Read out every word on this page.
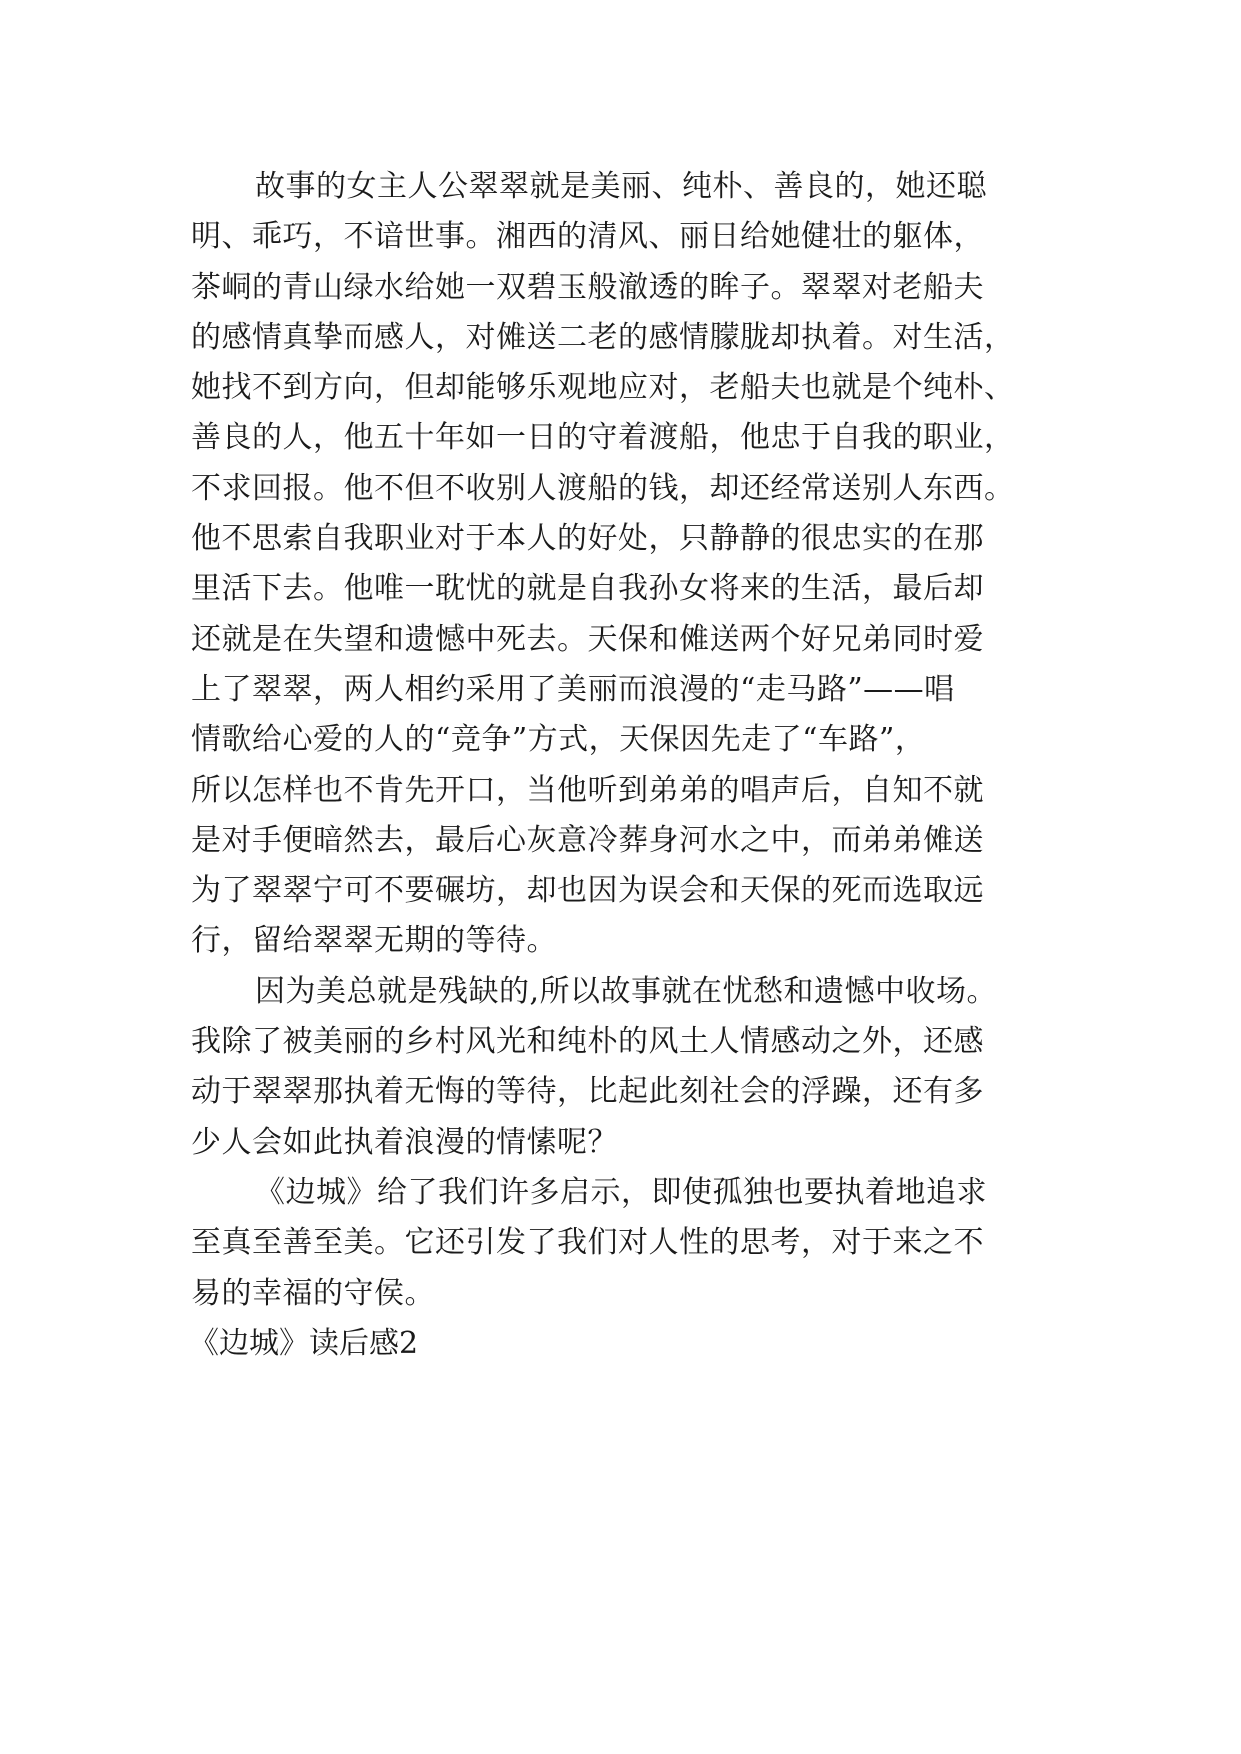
故事的女主人公翠翠就是美丽、纯朴、善良的，她还聪
明、乖巧，不谙世事。湘西的清风、丽日给她健壮的躯体，
茶峒的青山绿水给她一双碧玉般澈透的眸子。翠翠对老船夫
的感情真挚而感人，对傩送二老的感情朦胧却执着。对生活，
她找不到方向，但却能够乐观地应对，老船夫也就是个纯朴、
善良的人，他五十年如一日的守着渡船，他忠于自我的职业，
不求回报。他不但不收别人渡船的钱，却还经常送别人东西。
他不思索自我职业对于本人的好处，只静静的很忠实的在那
里活下去。他唯一耽忧的就是自我孙女将来的生活，最后却
还就是在失望和遗憾中死去。天保和傩送两个好兄弟同时爱
上了翠翠，两人相约采用了美丽而浪漫的“走马路”——唱
情歌给心爱的人的“竞争”方式，天保因先走了“车路”，
所以怎样也不肯先开口，当他听到弟弟的唱声后，自知不就
是对手便暗然去，最后心灰意冷葬身河水之中，而弟弟傩送
为了翠翠宁可不要碾坊，却也因为误会和天保的死而选取远
行，留给翠翠无期的等待。
因为美总就是残缺的,所以故事就在忧愁和遗憾中收场。
我除了被美丽的乡村风光和纯朴的风土人情感动之外，还感
动于翠翠那执着无悔的等待，比起此刻社会的浮躁，还有多
少人会如此执着浪漫的情愫呢？
《边城》给了我们许多启示，即使孤独也要执着地追求
至真至善至美。它还引发了我们对人性的思考，对于来之不
易的幸福的守侯。
《边城》读后感2
